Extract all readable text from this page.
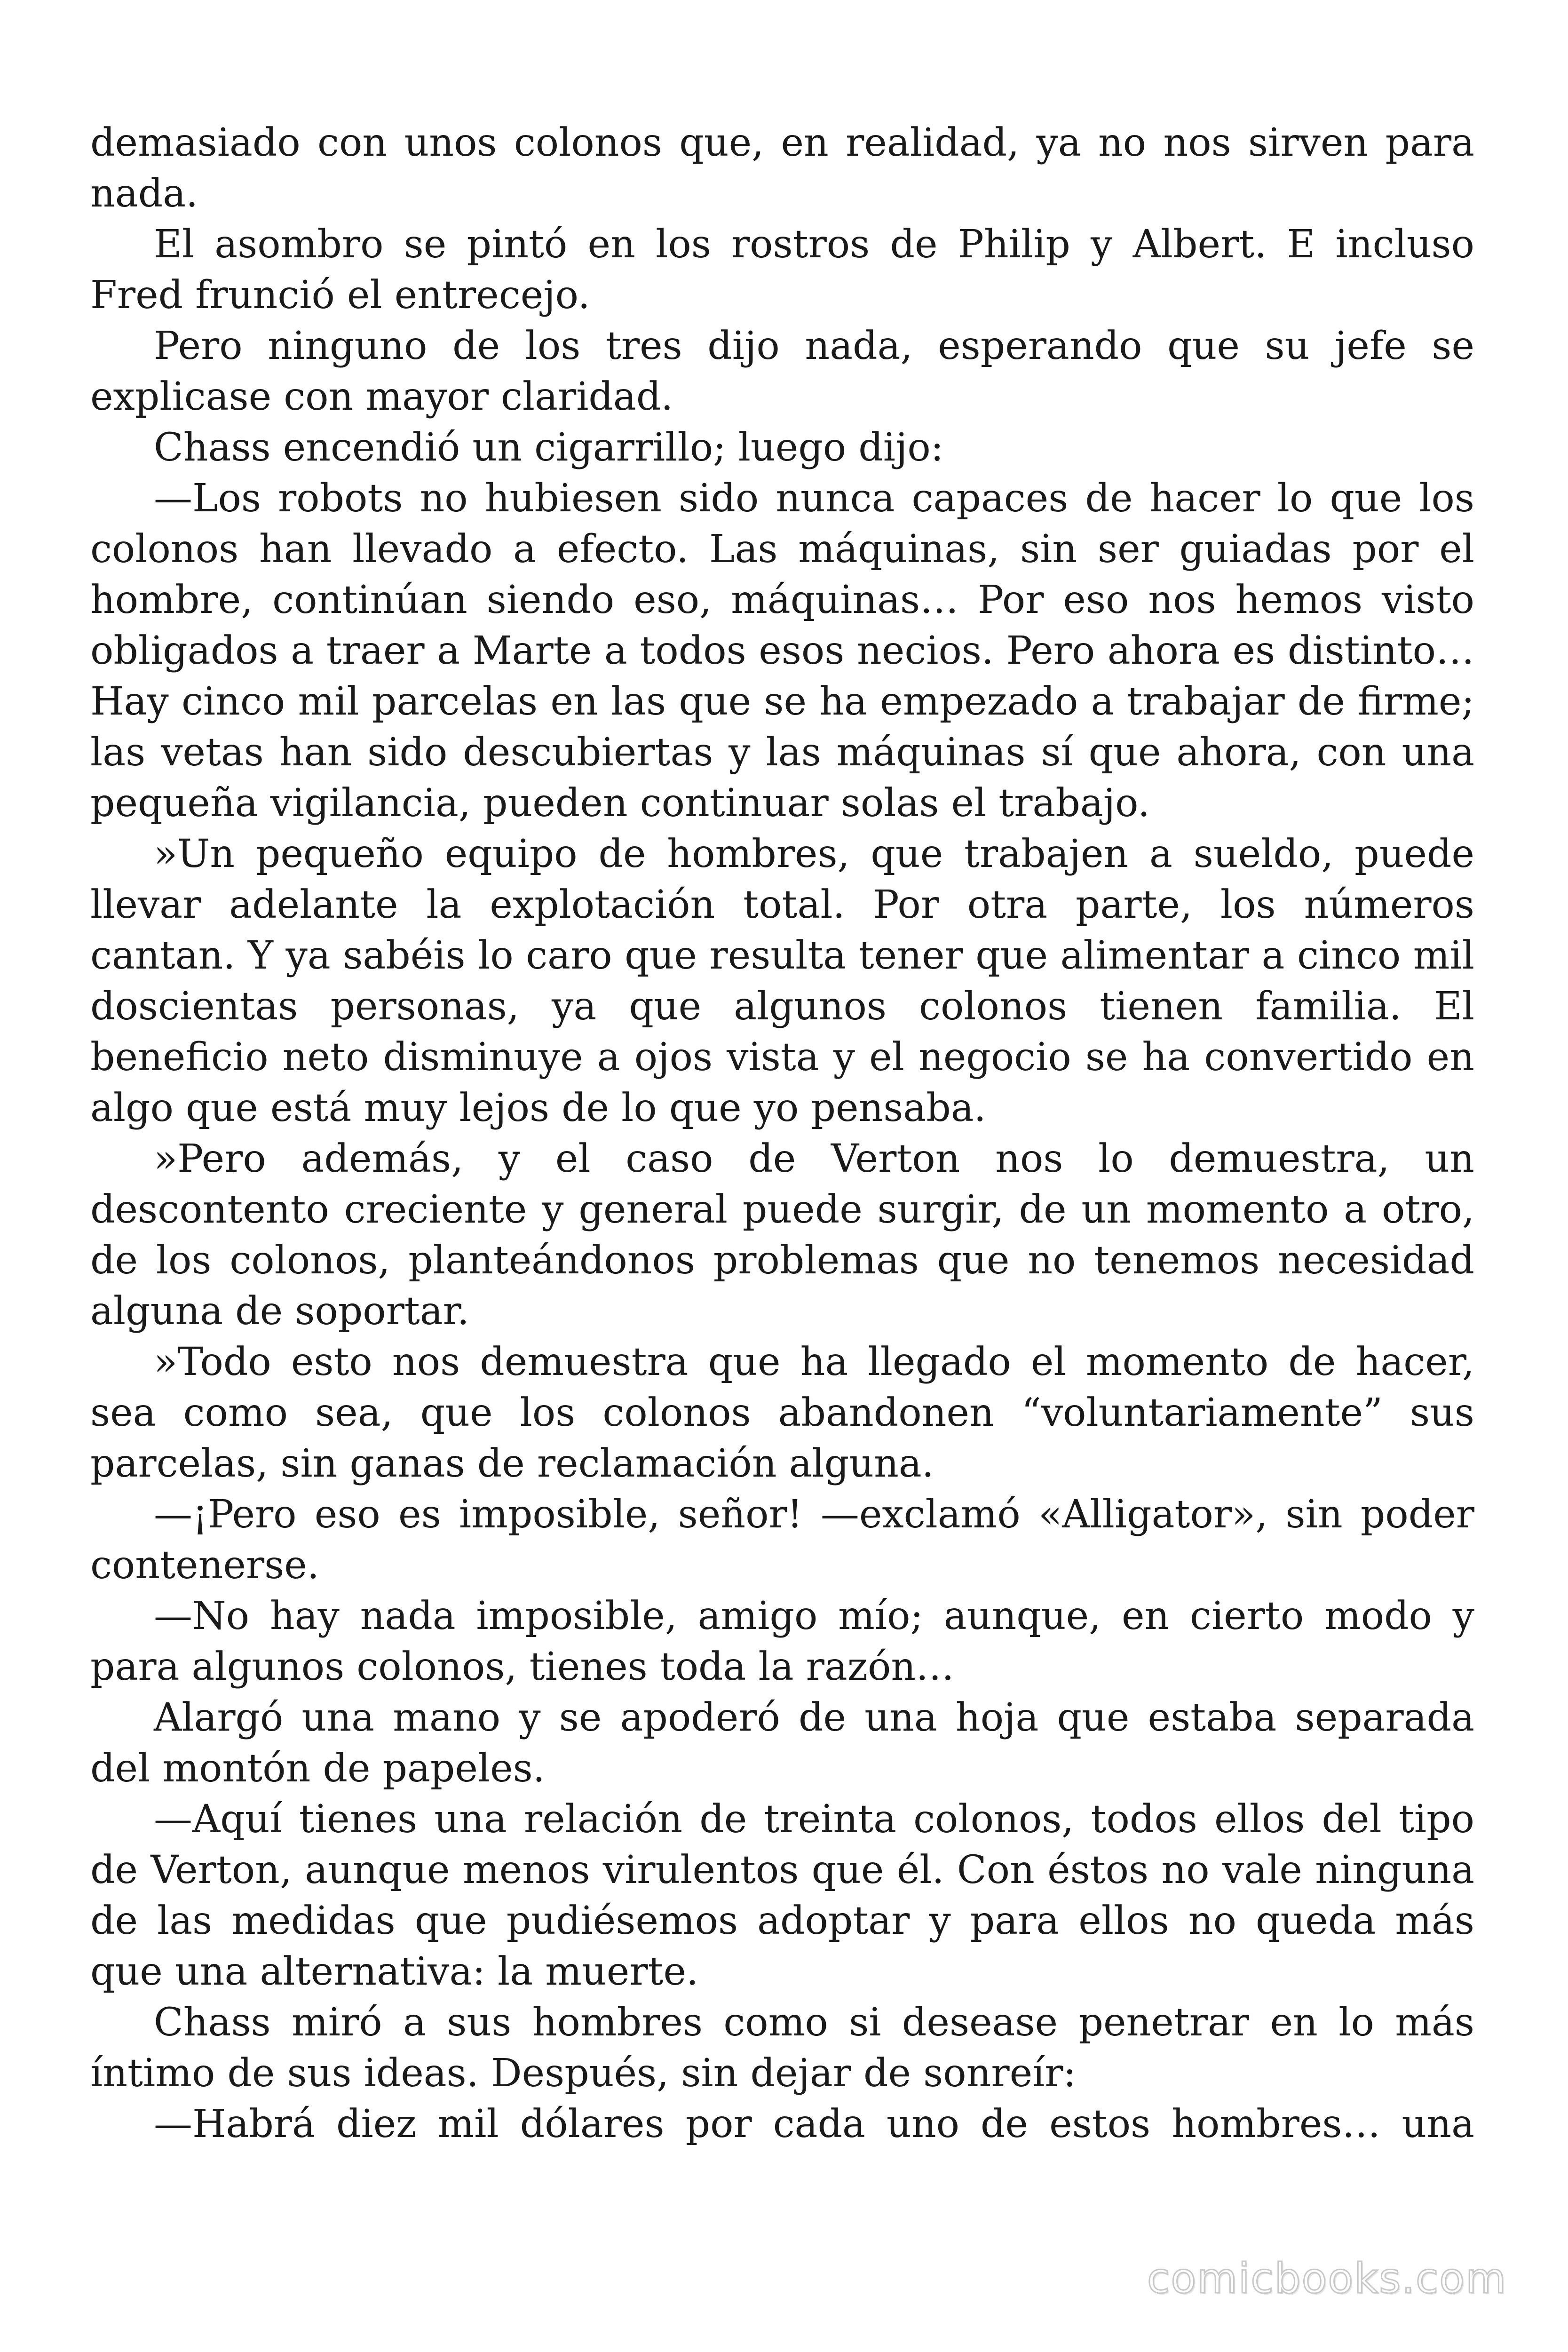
demasiado con unos colonos que, en realidad, ya no nos sirven para nada.

El asombro se pintó en los rostros de Philip y Albert. E incluso Fred frunció el entrecejo.

Pero ninguno de los tres dijo nada, esperando que su jefe se explicase con mayor claridad.

Chass encendió un cigarrillo; luego dijo:

—Los robots no hubiesen sido nunca capaces de hacer lo que los colonos han llevado a efecto. Las máquinas, sin ser guiadas por el hombre, continúan siendo eso, máquinas… Por eso nos hemos visto obligados a traer a Marte a todos esos necios. Pero ahora es distinto… Hay cinco mil parcelas en las que se ha empezado a trabajar de firme; las vetas han sido descubiertas y las máquinas sí que ahora, con una pequeña vigilancia, pueden continuar solas el trabajo.

»Un pequeño equipo de hombres, que trabajen a sueldo, puede llevar adelante la explotación total. Por otra parte, los números cantan. Y ya sabéis lo caro que resulta tener que alimentar a cinco mil doscientas personas, ya que algunos colonos tienen familia. El beneficio neto disminuye a ojos vista y el negocio se ha convertido en algo que está muy lejos de lo que yo pensaba.

»Pero además, y el caso de Verton nos lo demuestra, un descontento creciente y general puede surgir, de un momento a otro, de los colonos, planteándonos problemas que no tenemos necesidad alguna de soportar.

»Todo esto nos demuestra que ha llegado el momento de hacer, sea como sea, que los colonos abandonen “voluntariamente” sus parcelas, sin ganas de reclamación alguna.

—¡Pero eso es imposible, señor! —exclamó «Alligator», sin poder contenerse.

—No hay nada imposible, amigo mío; aunque, en cierto modo y para algunos colonos, tienes toda la razón…

Alargó una mano y se apoderó de una hoja que estaba separada del montón de papeles.

—Aquí tienes una relación de treinta colonos, todos ellos del tipo de Verton, aunque menos virulentos que él. Con éstos no vale ninguna de las medidas que pudiésemos adoptar y para ellos no queda más que una alternativa: la muerte.

Chass miró a sus hombres como si desease penetrar en lo más íntimo de sus ideas. Después, sin dejar de sonreír:

—Habrá diez mil dólares por cada uno de estos hombres… una

comicbooks.com
